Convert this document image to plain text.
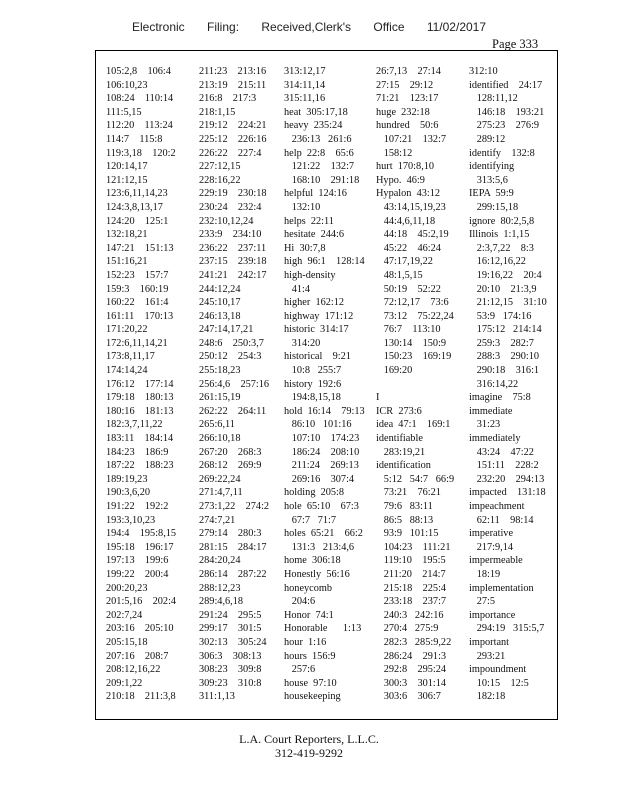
Electronic Filing: Received,Clerk's Office 11/02/2017
Page 333
105:2,8    106:4
106:10,23
108:24    110:14
111:5,15
112:20    113:24
114:7    115:8
119:3,18    120:2
120:14,17
121:12,15
123:6,11,14,23
124:3,8,13,17
124:20    125:1
132:18,21
147:21    151:13
151:16,21
152:23    157:7
159:3    160:19
160:22    161:4
161:11    170:13
171:20,22
172:6,11,14,21
173:8,11,17
174:14,24
176:12    177:14
179:18    180:13
180:16    181:13
182:3,7,11,22
183:11    184:14
184:23    186:9
187:22    188:23
189:19,23
190:3,6,20
191:22    192:2
193:3,10,23
194:4    195:8,15
195:18    196:17
197:13    199:6
199:22    200:4
200:20,23
201:5,16    202:4
202:7,24
203:16    205:10
205:15,18
207:16    208:7
208:12,16,22
209:1,22
210:18    211:3,8
211:23    213:16
213:19    215:11
216:8    217:3
218:1,15
219:12    224:21
225:12    226:16
226:22    227:4
227:12,15
228:16,22
229:19    230:18
230:24    232:4
232:10,12,24
233:9    234:10
236:22    237:11
237:15    239:18
241:21    242:17
244:12,24
245:10,17
246:13,18
247:14,17,21
248:6    250:3,7
250:12    254:3
255:18,23
256:4,6    257:16
261:15,19
262:22    264:11
265:6,11
266:10,18
267:20    268:3
268:12    269:9
269:22,24
271:4,7,11
273:1,22    274:2
274:7,21
279:14    280:3
281:15    284:17
284:20,24
286:14    287:22
288:12,23
289:4,6,18
291:24    295:5
299:17    301:5
302:13    305:24
306:3    308:13
308:23    309:8
309:23    310:8
311:1,13
313:12,17
314:11,14
315:11,16
heat  305:17,18
heavy  235:24
236:13   261:6
help  22:8    65:6
121:22    132:7
168:10    291:18
helpful  124:16
132:10
helps  22:11
hesitate  244:6
Hi  30:7,8
high  96:1    128:14
high-density
41:4
higher  162:12
highway  171:12
historic  314:17
314:20
historical    9:21
10:8   255:7
history  192:6
194:8,15,18
hold  16:14    79:13
86:10   101:16
107:10    174:23
186:24    208:10
211:24    269:13
269:16    307:4
holding  205:8
hole  65:10    67:3
67:7   71:7
holes  65:21    66:2
131:3   213:4,6
home  306:18
Honestly  56:16
honeycomb
204:6
Honor  74:1
Honorable      1:13
hour  1:16
hours  156:9
257:6
house  97:10
housekeeping
26:7,13    27:14
27:15    29:12
71:21    123:17
huge  232:18
hundred    50:6
107:21    132:7
158:12
hurt  170:8,10
Hypo.  46:9
Hypalon  43:12
43:14,15,19,23
44:4,6,11,18
44:18    45:2,19
45:22    46:24
47:17,19,22
48:1,5,15
50:19    52:22
72:12,17    73:6
73:12    75:22,24
76:7    113:10
130:14    150:9
150:23    169:19
169:20
I
ICR  273:6
idea  47:1    169:1
identifiable
283:19,21
identification
5:12   54:7   66:9
73:21    76:21
79:6   83:11
86:5   88:13
93:9   101:15
104:23    111:21
119:10    195:5
211:20    214:7
215:18    225:4
233:18    237:7
240:3   242:16
270:4   275:9
282:3   285:9,22
286:24    291:3
292:8    295:24
300:3    301:14
303:6    306:7
312:10
identified    24:17
128:11,12
146:18    193:21
275:23    276:9
289:12
identify    132:8
identifying
313:5,6
IEPA  59:9
299:15,18
ignore  80:2,5,8
Illinois  1:1,15
2:3,7,22    8:3
16:12,16,22
19:16,22    20:4
20:10    21:3,9
21:12,15    31:10
53:9   174:16
175:12   214:14
259:3    282:7
288:3    290:10
290:18    316:1
316:14,22
imagine    75:8
immediate
31:23
immediately
43:24    47:22
151:11    228:2
232:20    294:13
impacted    131:18
impeachment
62:11    98:14
imperative
217:9,14
impermeable
18:19
implementation
27:5
importance
294:19   315:5,7
important
293:21
impoundment
10:15    12:5
182:18
L.A. Court Reporters, L.L.C.
312-419-9292
